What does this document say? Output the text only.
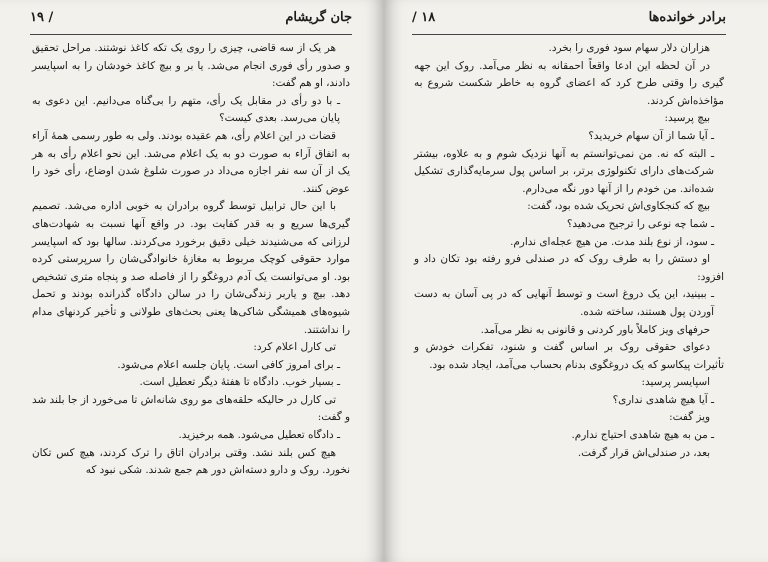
جان گریشام
/ ۱۹

هر یک از سه قاضی، چیزی را روی یک تکه کاغذ نوشتند. مراحل تحقیق و صدور رأی فوری انجام می‌شد. یا بر و بیچ کاغذ خودشان را به اسپایسر دادند، او هم گفت:

ـ با دو رأی در مقابل یک رأی، متهم را بی‌گناه می‌دانیم. این دعوی به پایان می‌رسد. بعدی کیست؟

قضات در این اعلام رأی، هم عقیده بودند. ولی به طور رسمی همهٔ آراء به اتفاق آراء به صورت دو به یک اعلام می‌شد. این نحو اعلام رأی به هر یک از آن سه نفر اجازه می‌داد در صورت شلوغ شدن اوضاع، رأی خود را عوض کنند.

با این حال ترابیل توسط گروه برادران به خوبی اداره می‌شد. تصمیم گیری‌ها سریع و به قدر کفایت بود. در واقع آنها نسبت به شهادت‌های لرزانی که می‌شنیدند خیلی دقیق برخورد می‌کردند. سالها بود که اسپایسر موارد حقوقی کوچک مربوط به مغازهٔ خانوادگی‌شان را سرپرستی کرده بود. او می‌توانست یک آدم دروغگو را از فاصله صد و پنجاه متری تشخیص دهد. بیچ و یاربر زندگی‌شان را در سالن دادگاه گذرانده بودند و تحمل شیوه‌های همیشگی شاکی‌ها یعنی بحث‌های طولانی و تأخیر کردنهای مدام را نداشتند.

تی کارل اعلام کرد:

ـ برای امروز کافی است. پایان جلسه اعلام می‌شود.

ـ بسیار خوب. دادگاه تا هفتهٔ دیگر تعطیل است.

تی کارل در حالیکه حلقه‌های مو روی شانه‌اش تا می‌خورد از جا بلند شد و گفت:

ـ دادگاه تعطیل می‌شود. همه برخیزید.

هیچ کس بلند نشد. وقتی برادران اتاق را ترک کردند، هیچ کس تکان نخورد. روک و دارو دسته‌اش دور هم جمع شدند. شکی نبود که

برادر خوانده‌ها
۱۸ /

هزاران دلار سهام سود فوری را بخرد.

در آن لحظه این ادعا واقعاً احمقانه به نظر می‌آمد. روک این جهه گیری را وقتی طرح کرد که اعضای گروه به خاطر شکست شروع به مؤاخذه‌اش کردند.

بیچ پرسید:

ـ آیا شما از آن سهام خریدید؟

ـ البته که نه. من نمی‌توانستم به آنها نزدیک شوم و به علاوه، بیشتر شرکت‌های دارای تکنولوژی برتر، بر اساس پول سرمایه‌گذاری تشکیل شده‌اند. من خودم را از آنها دور نگه می‌دارم.

بیچ که کنجکاوی‌اش تحریک شده بود، گفت:

ـ شما چه نوعی را ترجیح می‌دهید؟

ـ سود، از نوع بلند مدت. من هیچ عجله‌ای ندارم.

او دستش را به طرف روک که در صندلی فرو رفته بود تکان داد و افزود:

ـ ببینید، این یک دروغ است و توسط آنهایی که در پی آسان به دست آوردن پول هستند، ساخته شده.

حرفهای ویز کاملاً باور کردنی و قانونی به نظر می‌آمد.

دعوای حقوقی روک بر اساس گفت و شنود، تفکرات خودش و تأثیرات پیکاسو که یک دروغگوی بدنام بحساب می‌آمد، ایجاد شده بود.

اسپایسر پرسید:

ـ آیا هیچ شاهدی نداری؟

ویز گفت:

ـ من به هیچ شاهدی احتیاج ندارم.

بعد، در صندلی‌اش قرار گرفت.
